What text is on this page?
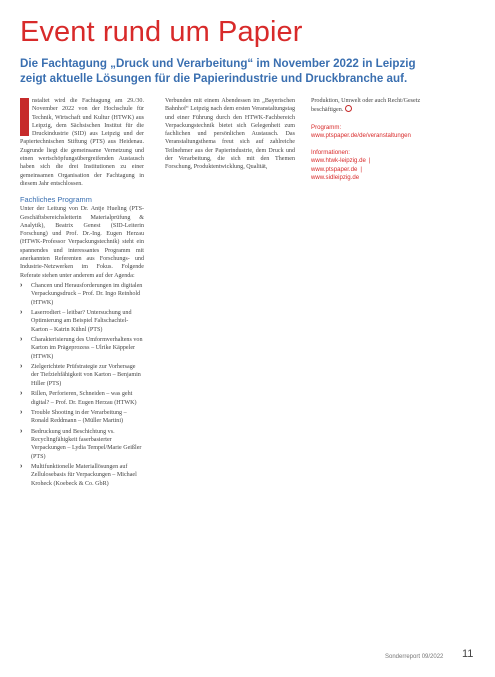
Event rund um Papier
Die Fachtagung „Druck und Verarbeitung“ im November 2022 in Leipzig
zeigt aktuelle Lösungen für die Papierindustrie und Druckbranche auf.
nstaltet wird die Fachtagung am 29./30. November 2022 von der Hochschule für Technik, Wirtschaft und Kultur (HTWK) aus Leipzig, dem Sächsischen Institut für die Druckindustrie (SID) aus Leipzig und der Papiertechnischen Stiftung (PTS) aus Heidenau. Zugrunde liegt die gemeinsame Vernetzung und einen wertschöpfungsübergreifenden Austausch haben sich die drei Institutionen zu einer gemeinsamen Organisation der Fachtagung in diesem Jahr entschlossen.
Fachliches Programm
Unter der Leitung von Dr. Antje Hueling (PTS-Geschäftsbereichsleiterin Materialprüfung & Analytik), Beatrix Genest (SID-Leiterin Forschung) und Prof. Dr.-Ing. Eugen Herzau (HTWK-Professor Verpackungstechnik) steht ein spannendes und interessantes Programm mit anerkannten Referenten aus Forschungs- und Industrie-Netzwerken im Fokus. Folgende Referate stehen unter anderem auf der Agenda:
› Chancen und Herausforderungen im digitalen Verpackungsdruck – Prof. Dr. Ingo Reinhold (HTWK)
› Laserrodiert – leitbar? Untersuchung und Optimierung am Beispiel Faltschachtel-Karton – Katrin Kühnl (PTS)
› Charakterisierung des Umformverhaltens von Karton im Prägeprozess – Ulrike Käppeler (HTWK)
› Zielgerichtete Prüfstrategie zur Vorhersage der Tiefziehfähigkeit von Karton – Benjamin Hiller (PTS)
› Rillen, Perforieren, Schneiden – was geht digital? – Prof. Dr. Eugen Herzau (HTWK)
› Trouble Shooting in der Verarbeitung – Ronald Reddmann – (Müller Martini)
› Bedruckung und Beschichtung vs. Recyclingfähigkeit faserbasierter Verpackungen – Lydia Tempel/Marie Geißler (PTS)
› Multifunktionelle Materiallösungen auf Zellulosebasis für Verpackungen – Michael Kroheck (Koebeck & Co. GbR)
Verbunden mit einem Abendessen im „Bayerischen Bahnhof“ Leipzig nach dem ersten Veranstaltungstag und einer Führung durch den HTWK-Fachbereich Verpackungstechnik bietet sich Gelegenheit zum fachlichen und persönlichen Austausch. Das Veranstaltungsthema freut sich auf zahlreiche Teilnehmer aus der Papierindustrie, dem Druck und der Verarbeitung, die sich mit den Themen Forschung, Produktentwicklung, Qualität,
Produktion, Umwelt oder auch Recht/Gesetz beschäftigen.
Programm:
www.ptspaper.de/de/veranstaltungen
Informationen:
www.htwk-leipzig.de |
www.ptspaper.de |
www.sidleipzig.de
Sonderreport 09/2022 11
